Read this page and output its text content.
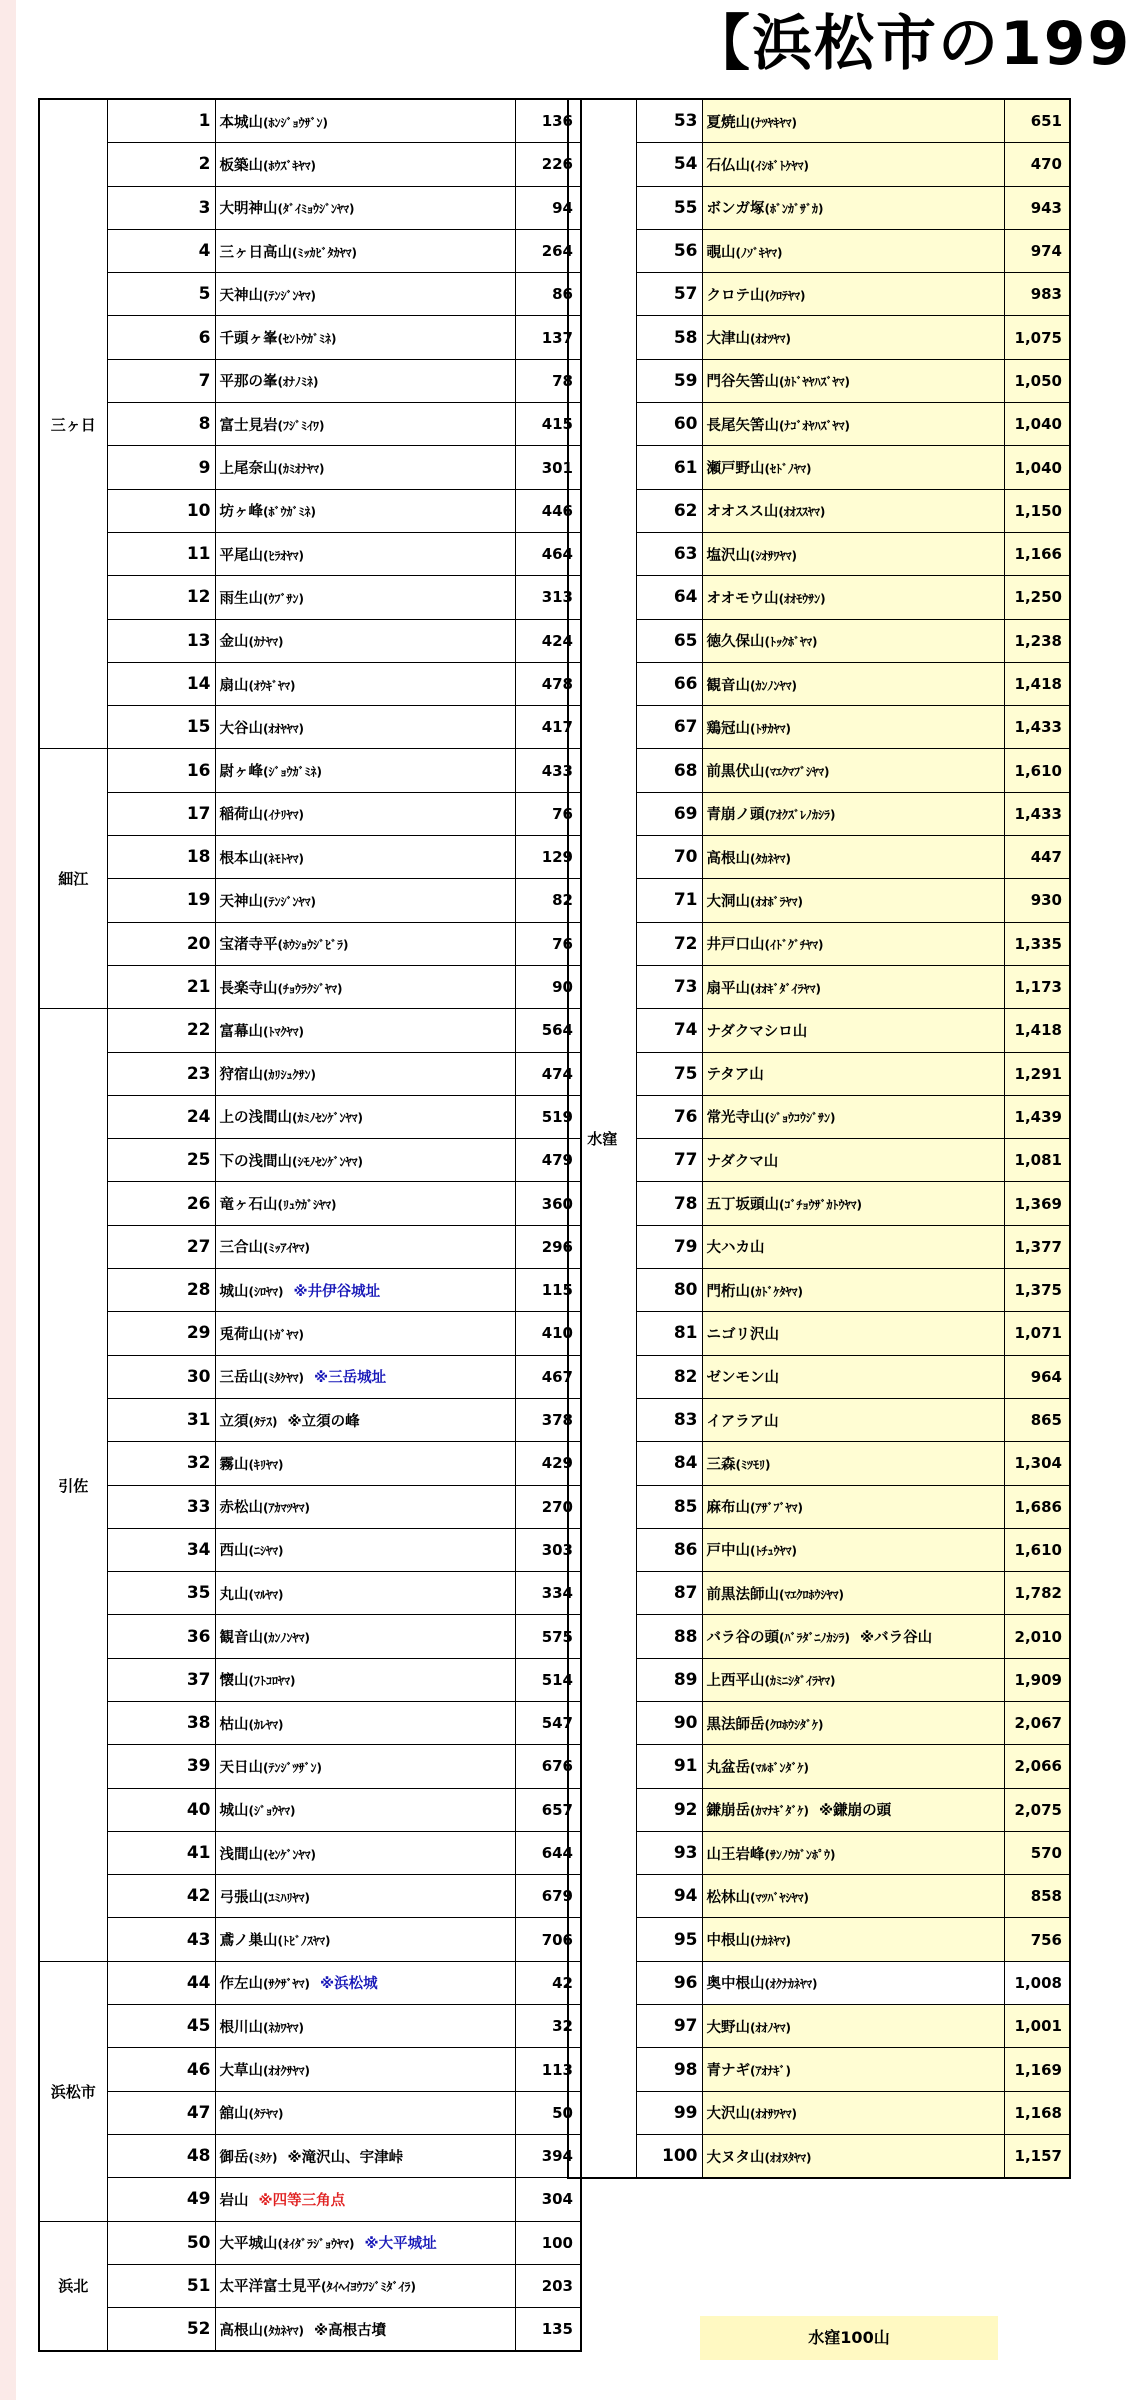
【浜松市の199
三ヶ日	1	本城山(ﾎﾝｼﾞｮｳｻﾞﾝ)	136
	2	板築山(ﾎｳｽﾞｷﾔﾏ)	226
	3	大明神山(ﾀﾞｲﾐｮｳｼﾞﾝﾔﾏ)	94
	4	三ヶ日高山(ﾐｯｶﾋﾞﾀｶﾔﾏ)	264
	5	天神山(ﾃﾝｼﾞﾝﾔﾏ)	86
	6	千頭ヶ峯(ｾﾝﾄｳｶﾞﾐﾈ)	137
	7	平那の峯(ｵﾅﾉﾐﾈ)	78
	8	富士見岩(ﾌｼﾞﾐｲﾜ)	415
	9	上尾奈山(ｶﾐｵﾅﾔﾏ)	301
	10	坊ヶ峰(ﾎﾞｳｶﾞﾐﾈ)	446
	11	平尾山(ﾋﾗｵﾔﾏ)	464
	12	雨生山(ｳﾌﾞｻﾝ)	313
	13	金山(ｶﾅﾔﾏ)	424
	14	扇山(ｵｳｷﾞﾔﾏ)	478
	15	大谷山(ｵｵﾔﾔﾏ)	417
細江	16	尉ヶ峰(ｼﾞｮｳｶﾞﾐﾈ)	433
	17	稲荷山(ｲﾅﾘﾔﾏ)	76
	18	根本山(ﾈﾓﾄﾔﾏ)	129
	19	天神山(ﾃﾝｼﾞﾝﾔﾏ)	82
	20	宝渚寺平(ﾎｳｼｮｳｼﾞﾋﾞﾗ)	76
	21	長楽寺山(ﾁｮｳﾗｸｼﾞﾔﾏ)	90
引佐	22	富幕山(ﾄﾏｸﾔﾏ)	564
	23	狩宿山(ｶﾘｼｭｸｻﾝ)	474
	24	上の浅間山(ｶﾐﾉｾﾝｹﾞﾝﾔﾏ)	519
	25	下の浅間山(ｼﾓﾉｾﾝｹﾞﾝﾔﾏ)	479
	26	竜ヶ石山(ﾘｭｳｶﾞｼﾔﾏ)	360
	27	三合山(ﾐｯｱｲﾔﾏ)	296
	28	城山(ｼﾛﾔﾏ) ※井伊谷城址	115
	29	兎荷山(ﾄｶﾞﾔﾏ)	410
	30	三岳山(ﾐﾀｹﾔﾏ) ※三岳城址	467
	31	立須(ﾀﾃｽ) ※立須の峰	378
	32	霧山(ｷﾘﾔﾏ)	429
	33	赤松山(ｱｶﾏﾂﾔﾏ)	270
	34	西山(ﾆｼﾔﾏ)	303
	35	丸山(ﾏﾙﾔﾏ)	334
	36	観音山(ｶﾝﾉﾝﾔﾏ)	575
	37	懐山(ﾌﾄｺﾛﾔﾏ)	514
	38	枯山(ｶﾚﾔﾏ)	547
	39	天日山(ﾃﾝｼﾞﾂｻﾞﾝ)	676
	40	城山(ｼﾞｮｳﾔﾏ)	657
	41	浅間山(ｾﾝｹﾞﾝﾔﾏ)	644
	42	弓張山(ﾕﾐﾊﾘﾔﾏ)	679
	43	鳶ノ巣山(ﾄﾋﾞﾉｽﾔﾏ)	706
浜松市	44	作左山(ｻｸｻﾞﾔﾏ) ※浜松城	42
	45	根川山(ﾈｶﾜﾔﾏ)	32
	46	大草山(ｵｵｸｻﾔﾏ)	113
	47	舘山(ﾀﾃﾔﾏ)	50
	48	御岳(ﾐﾀｹ) ※滝沢山、宇津峠	394
	49	岩山 ※四等三角点	304
浜北	50	大平城山(ｵｲﾀﾞﾗｼﾞｮｳﾔﾏ) ※大平城址	100
	51	太平洋富士見平(ﾀｲﾍｲﾖｳﾌｼﾞﾐﾀﾞｲﾗ)	203
	52	高根山(ﾀｶﾈﾔﾏ) ※高根古墳	135
水窪	53	夏焼山(ﾅﾂﾔｷﾔﾏ)	651
	54	石仏山(ｲｼﾎﾞﾄｹﾔﾏ)	470
	55	ボンガ塚(ﾎﾞﾝｶﾞｻﾞｶ)	943
	56	覗山(ﾉｿﾞｷﾔﾏ)	974
	57	クロテ山(ｸﾛﾃﾔﾏ)	983
	58	大津山(ｵｵﾂﾔﾏ)	1,075
	59	門谷矢筈山(ｶﾄﾞﾔﾔﾊｽﾞﾔﾏ)	1,050
	60	長尾矢筈山(ﾅｺﾞｵﾔﾊｽﾞﾔﾏ)	1,040
	61	瀬戸野山(ｾﾄﾞﾉﾔﾏ)	1,040
	62	オオスス山(ｵｵｽｽﾔﾏ)	1,150
	63	塩沢山(ｼｵｻﾜﾔﾏ)	1,166
	64	オオモウ山(ｵｵﾓｳｻﾝ)	1,250
	65	徳久保山(ﾄｯｸﾎﾞﾔﾏ)	1,238
	66	観音山(ｶﾝﾉﾝﾔﾏ)	1,418
	67	鶏冠山(ﾄｻｶﾔﾏ)	1,433
	68	前黒伏山(ﾏｴｸﾏﾌﾞｼﾔﾏ)	1,610
	69	青崩ノ頭(ｱｵｸｽﾞﾚﾉｶｼﾗ)	1,433
	70	高根山(ﾀｶﾈﾔﾏ)	447
	71	大洞山(ｵｵﾎﾞﾗﾔﾏ)	930
	72	井戸口山(ｲﾄﾞｸﾞﾁﾔﾏ)	1,335
	73	扇平山(ｵｵｷﾞﾀﾞｲﾗﾔﾏ)	1,173
	74	ナダクマシロ山	1,418
	75	テタア山	1,291
	76	常光寺山(ｼﾞｮｳｺｳｼﾞｻﾝ)	1,439
	77	ナダクマ山	1,081
	78	五丁坂頭山(ｺﾞﾁｮｳｻﾞｶﾄｳﾔﾏ)	1,369
	79	大ハカ山	1,377
	80	門桁山(ｶﾄﾞｹﾀﾔﾏ)	1,375
	81	ニゴリ沢山	1,071
	82	ゼンモン山	964
	83	イアラア山	865
	84	三森(ﾐﾂﾓﾘ)	1,304
	85	麻布山(ｱｻﾞﾌﾞﾔﾏ)	1,686
	86	戸中山(ﾄﾁｭｳﾔﾏ)	1,610
	87	前黒法師山(ﾏｴｸﾛﾎｳｼﾔﾏ)	1,782
	88	バラ谷の頭(ﾊﾞﾗﾀﾞﾆﾉｶｼﾗ) ※バラ谷山	2,010
	89	上西平山(ｶﾐﾆｼﾀﾞｲﾗﾔﾏ)	1,909
	90	黒法師岳(ｸﾛﾎｳｼﾀﾞｹ)	2,067
	91	丸盆岳(ﾏﾙﾎﾞﾝﾀﾞｹ)	2,066
	92	鎌崩岳(ｶﾏﾅｷﾞﾀﾞｹ) ※鎌崩の頭	2,075
	93	山王岩峰(ｻﾝﾉｳｶﾞﾝﾎﾟｳ)	570
	94	松林山(ﾏﾂﾊﾞﾔｼﾔﾏ)	858
	95	中根山(ﾅｶﾈﾔﾏ)	756
	96	奥中根山(ｵｸﾅｶﾈﾔﾏ)	1,008
	97	大野山(ｵｵﾉﾔﾏ)	1,001
	98	青ナギ(ｱｵﾅｷﾞ)	1,169
	99	大沢山(ｵｵｻﾜﾔﾏ)	1,168
	100	大ヌタ山(ｵｵﾇﾀﾔﾏ)	1,157
水窪100山
